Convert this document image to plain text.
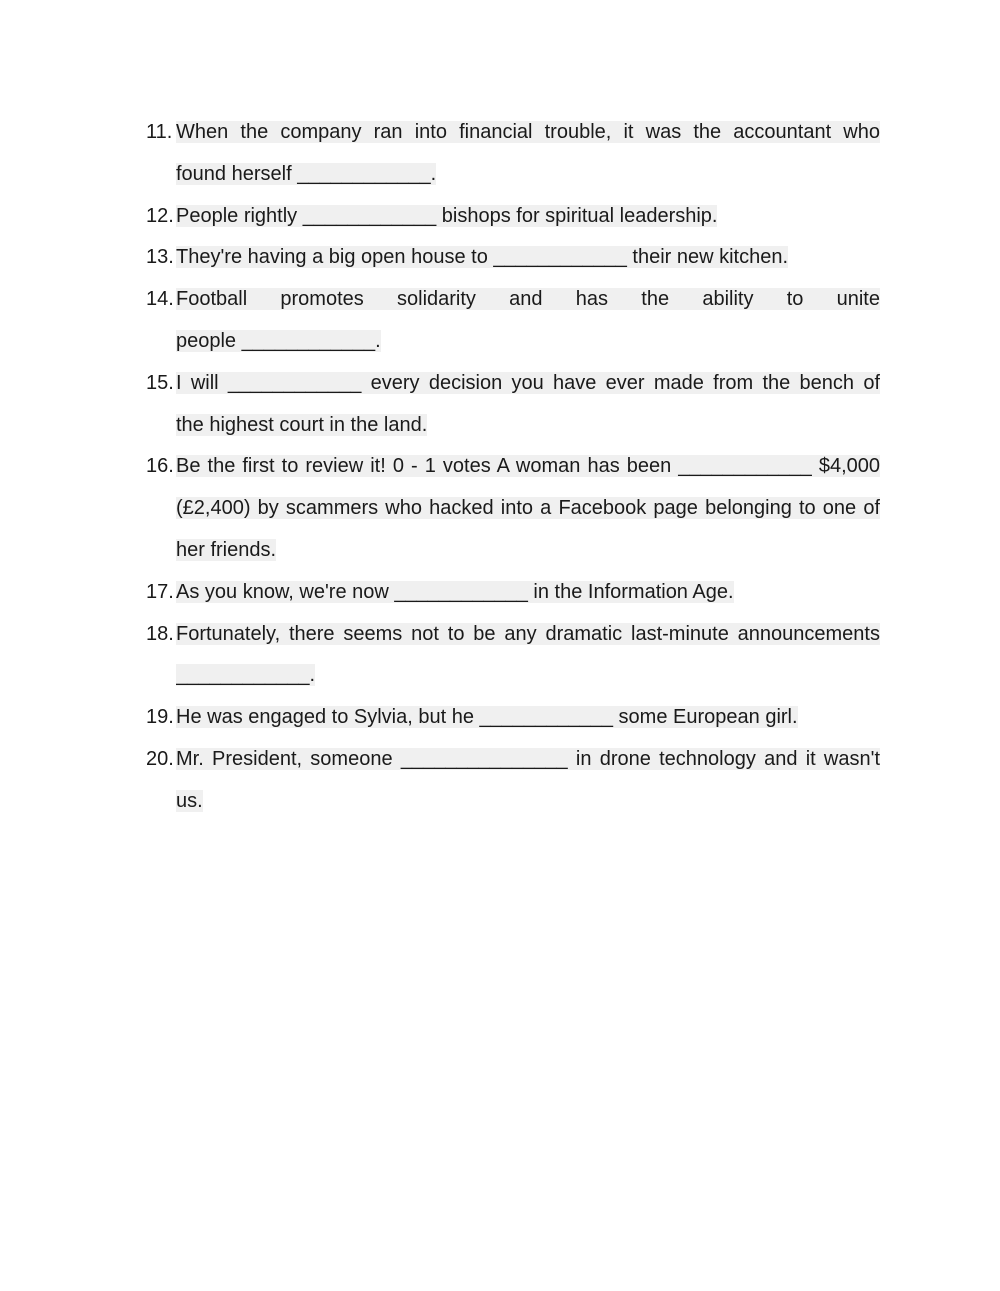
11. When the company ran into financial trouble, it was the accountant who
found herself ____________.
12. People rightly ____________ bishops for spiritual leadership.
13. They're having a big open house to ____________ their new kitchen.
14. Football promotes solidarity and has the ability to unite
people ____________.
15. I will ____________ every decision you have ever made from the bench of
the highest court in the land.
16. Be the first to review it! 0 - 1 votes A woman has been ____________ $4,000
(£2,400) by scammers who hacked into a Facebook page belonging to one of
her friends.
17. As you know, we're now ____________ in the Information Age.
18. Fortunately, there seems not to be any dramatic last-minute announcements
____________.
19. He was engaged to Sylvia, but he ____________ some European girl.
20. Mr. President, someone _______________ in drone technology and it wasn't
us.
